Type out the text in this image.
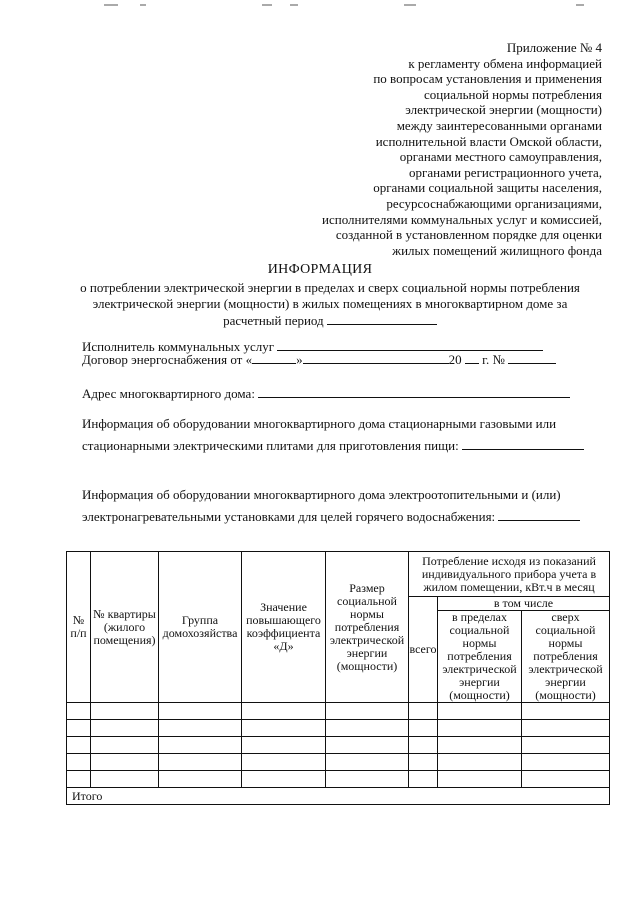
Приложение № 4
к регламенту обмена информацией
по вопросам установления и применения
социальной нормы потребления
электрической энергии (мощности)
между заинтересованными органами
исполнительной власти Омской области,
органами местного самоуправления,
органами регистрационного учета,
органами социальной защиты населения,
ресурсоснабжающими организациями,
исполнителями коммунальных услуг и комиссией,
созданной в установленном порядке для оценки
жилых помещений жилищного фонда
ИНФОРМАЦИЯ
о потреблении электрической энергии в пределах и сверх социальной нормы потребления
электрической энергии (мощности) в жилых помещениях в многоквартирном доме за
расчетный период
Исполнитель коммунальных услуг
Договор энергоснабжения от «	»	20 г. №
Адрес многоквартирного дома:
Информация об оборудовании многоквартирного дома стационарными газовыми или
стационарными электрическими плитами для приготовления пищи:
Информация об оборудовании многоквартирного дома электроотопительными и (или)
электронагревательными установками для целей горячего водоснабжения:
№ п/п	№ квартиры (жилого помещения)	Группа домохозяйства	Значение повышающего коэффициента «Д»	Размер социальной нормы потребления электрической энергии (мощности)	Потребление исходя из показаний индивидуального прибора учета в жилом помещении, кВт.ч в месяц		
					всего	в том числе	
						в пределах социальной нормы потребления электрической энергии (мощности)	сверх социальной нормы потребления электрической энергии (мощности)

Итого							
